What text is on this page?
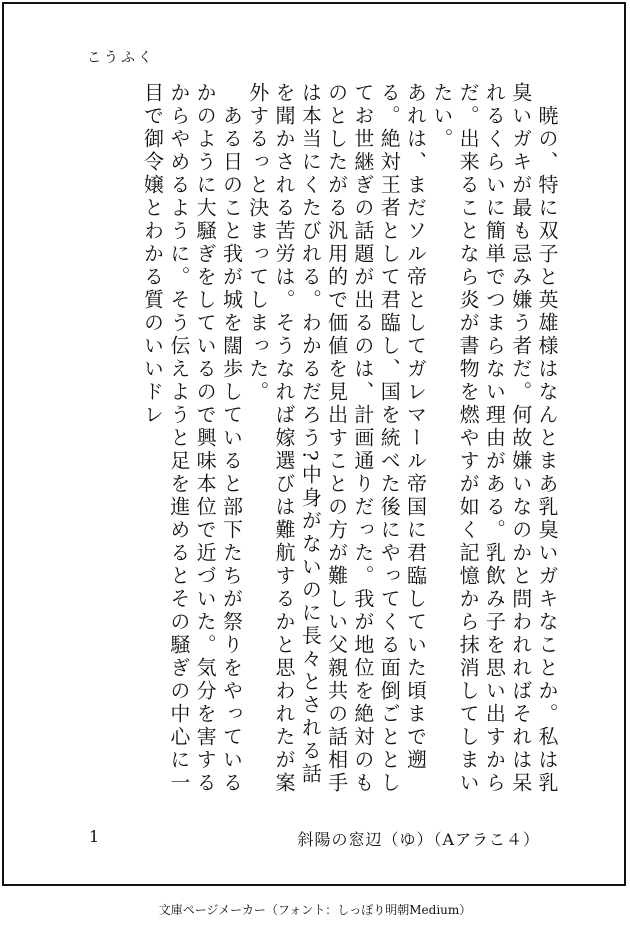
こうふく

　暁の、特に双子と英雄様はなんとまあ乳臭いガキなことか。私は乳臭いガキが最も忌み嫌う者だ。何故嫌いなのかと問われればそれは呆れるくらいに簡単でつまらない理由がある。乳飲み子を思い出すからだ。出来ることなら炎が書物を燃やすが如く記憶から抹消してしまいたい。

あれは、まだソル帝としてガレマール帝国に君臨していた頃まで遡る。絶対王者として君臨し、国を統べた後にやってくる面倒ごととしてお世継ぎの話題が出るのは、計画通りだった。我が地位を絶対のものとしたがる汎用的で価値を見出すことの方が難しい父親共の話相手は本当にくたびれる。わかるだろう?中身がないのに長々とされる話を聞かされる苦労は。そうなれば嫁選びは難航するかと思われたが案外するっと決まってしまった。

　ある日のこと我が城を闊歩していると部下たちが祭りをやっているかのように大騒ぎをしているので興味本位で近づいた。気分を害するからやめるように。そう伝えようと足を進めるとその騒ぎの中心に一目で御令嬢とわかる質のいいドレ

1	斜陽の窓辺（ゆ）（Aアラこ４）
文庫ページメーカー（フォント：しっぽり明朝Medium）
